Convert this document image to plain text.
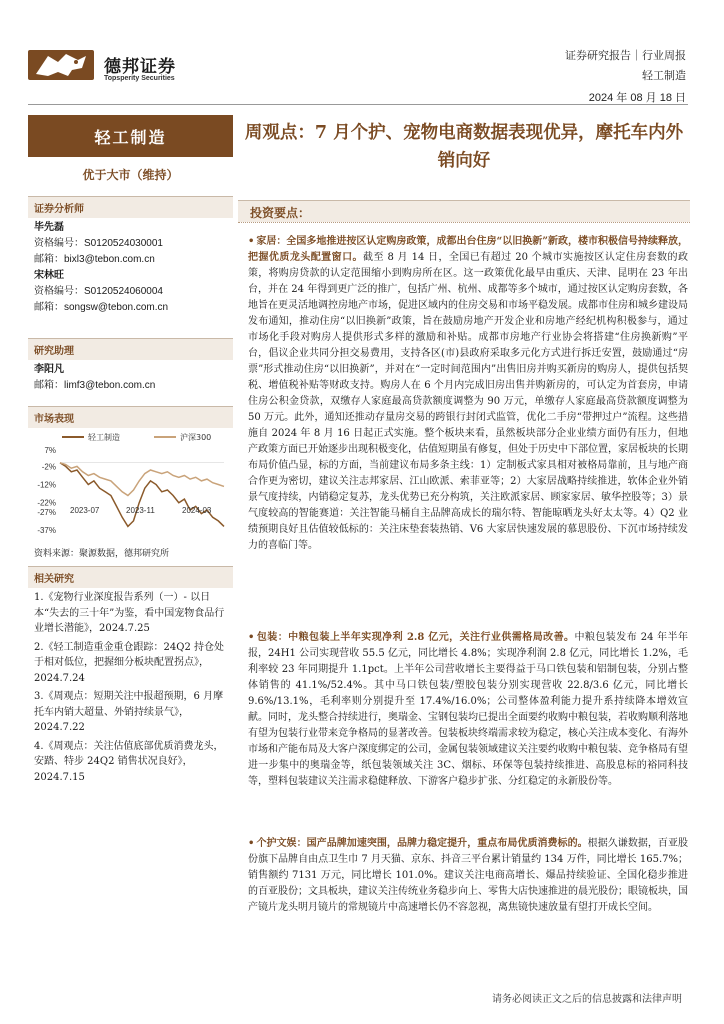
德邦证券
Topsperity Securities
证券研究报告｜行业周报
轻工制造
2024 年 08 月 18 日
轻工制造
优于大市（维持）
证券分析师
毕先磊
资格编号：S0120524030001
邮箱：bixl3@tebon.com.cn
宋林旺
资格编号：S0120524060004
邮箱：songsw@tebon.com.cn
研究助理
李阳凡
邮箱：limf3@tebon.com.cn
市场表现
轻工制造	沪深300
7%
-2%
-12%
-22%
-27%
-37%
2023-07	2023-11	2024-03
资料来源：聚源数据，德邦研究所
相关研究

1.《宠物行业深度报告系列（一）- 以日本“失去的三十年”为鉴，看中国宠物食品行业增长潜能》，2024.7.25

2.《轻工制造重金重仓跟踪：24Q2 持仓处于相对低位，把握细分板块配置拐点》，2024.7.24

3.《周观点：短期关注中报超预期，6 月摩托车内销大超量、外销持续景气》，2024.7.22

4.《周观点：关注估值底部优质消费龙头，安踏、特步 24Q2 销售状况良好》，2024.7.15

周观点：7 月个护、宠物电商数据表现优异，摩托车内外销向好
投资要点：
• 家居：全国多地推进按区认定购房政策，成都出台住房“以旧换新”新政，楼市积极信号持续释放，把握优质龙头配置窗口。截至 8 月 14 日，全国已有超过 20 个城市实施按区认定住房套数的政策，将购房贷款的认定范围缩小到购房所在区。这一政策优化最早由重庆、天津、昆明在 23 年出台，并在 24 年得到更广泛的推广，包括广州、杭州、成都等多个城市，通过按区认定购房套数，各地旨在更灵活地调控房地产市场，促进区域内的住房交易和市场平稳发展。成都市住房和城乡建设局发布通知，推动住房“以旧换新”政策，旨在鼓励房地产开发企业和房地产经纪机构积极参与，通过市场化手段对购房人提供形式多样的激励和补贴。成都市房地产行业协会将搭建“住房换新购”平台，倡议企业共同分担交易费用，支持各区(市)县政府采取多元化方式进行拆迁安置，鼓励通过“房票”形式推动住房“以旧换新”，并对在“一定时间范围内”出售旧房并购买新房的购房人，提供包括契税、增值税补贴等财政支持。购房人在 6 个月内完成旧房出售并购新房的，可认定为首套房，申请住房公积金贷款，双缴存人家庭最高贷款额度调整为 90 万元，单缴存人家庭最高贷款额度调整为 50 万元。此外，通知还推动存量房交易的跨银行封闭式监管，优化二手房“带押过户”流程。这些措施自 2024 年 8 月 16 日起正式实施。整个板块来看，虽然板块部分企业业绩方面仍有压力，但地产政策方面已开始逐步出现积极变化，估值短期虽有修复，但处于历史中下部位置，家居板块的长期布局价值凸显，标的方面，当前建议布局多条主线：1）定制板式家具相对被格局靠前，且与地产商合作更为密切，建议关注志邦家居、江山欧派、索菲亚等；2）大家居战略持续推进，软体企业外销景气度持续，内销稳定复苏，龙头优势已充分构筑，关注欧派家居、顾家家居、敏华控股等；3）景气度较高的智能赛道：关注智能马桶自主品牌高成长的瑞尔特、智能晾晒龙头好太太等。4）Q2 业绩预期良好且估值较低标的：关注床垫套装热销、V6 大家居快速发展的慕思股份、下沉市场持续发力的喜临门等。
• 包装：中粮包装上半年实现净利 2.8 亿元，关注行业供需格局改善。中粮包装发布 24 年半年报，24H1 公司实现营收 55.5 亿元，同比增长 4.8%；实现净利润 2.8 亿元，同比增长 1.2%，毛利率较 23 年同期提升 1.1pct。上半年公司营收增长主要得益于马口铁包装和铝制包装，分别占整体销售的 41.1%/52.4%。其中马口铁包装/塑胶包装分别实现营收 22.8/3.6 亿元，同比增长 9.6%/13.1%，毛利率则分别提升至 17.4%/16.0%；公司整体盈利能力提升系持续降本增效宣献。同时，龙头整合持续进行，奥瑞金、宝钢包装均已提出全面要约收购中粮包装，若收购顺利落地有望为包装行业带来竞争格局的显著改善。包装板块终端需求较为稳定，核心关注成本变化、有海外市场和产能布局及大客户深度绑定的公司，金属包装领域建议关注要约收购中粮包装、竞争格局有望进一步集中的奥瑞金等，纸包装领域关注 3C、烟标、环保等包装持续推进、高股息标的裕同科技等，塑料包装建议关注需求稳健释放、下游客户稳步扩张、分红稳定的永新股份等。
• 个护文娱：国产品牌加速突围，品牌力稳定提升，重点布局优质消费标的。根据久谦数据，百亚股份旗下品牌自由点卫生巾 7 月天猫、京东、抖音三平台累计销量约 134 万件，同比增长 165.7%；销售额约 7131 万元，同比增长 101.0%。建议关注电商高增长、爆品持续验证、全国化稳步推进的百亚股份；文具板块，建议关注传统业务稳步向上、零售大店快速推进的晨光股份；眼镜板块，国产镜片龙头明月镜片的常规镜片中高速增长仍不容忽视，离焦镜快速放量有望打开成长空间。
请务必阅读正文之后的信息披露和法律声明
